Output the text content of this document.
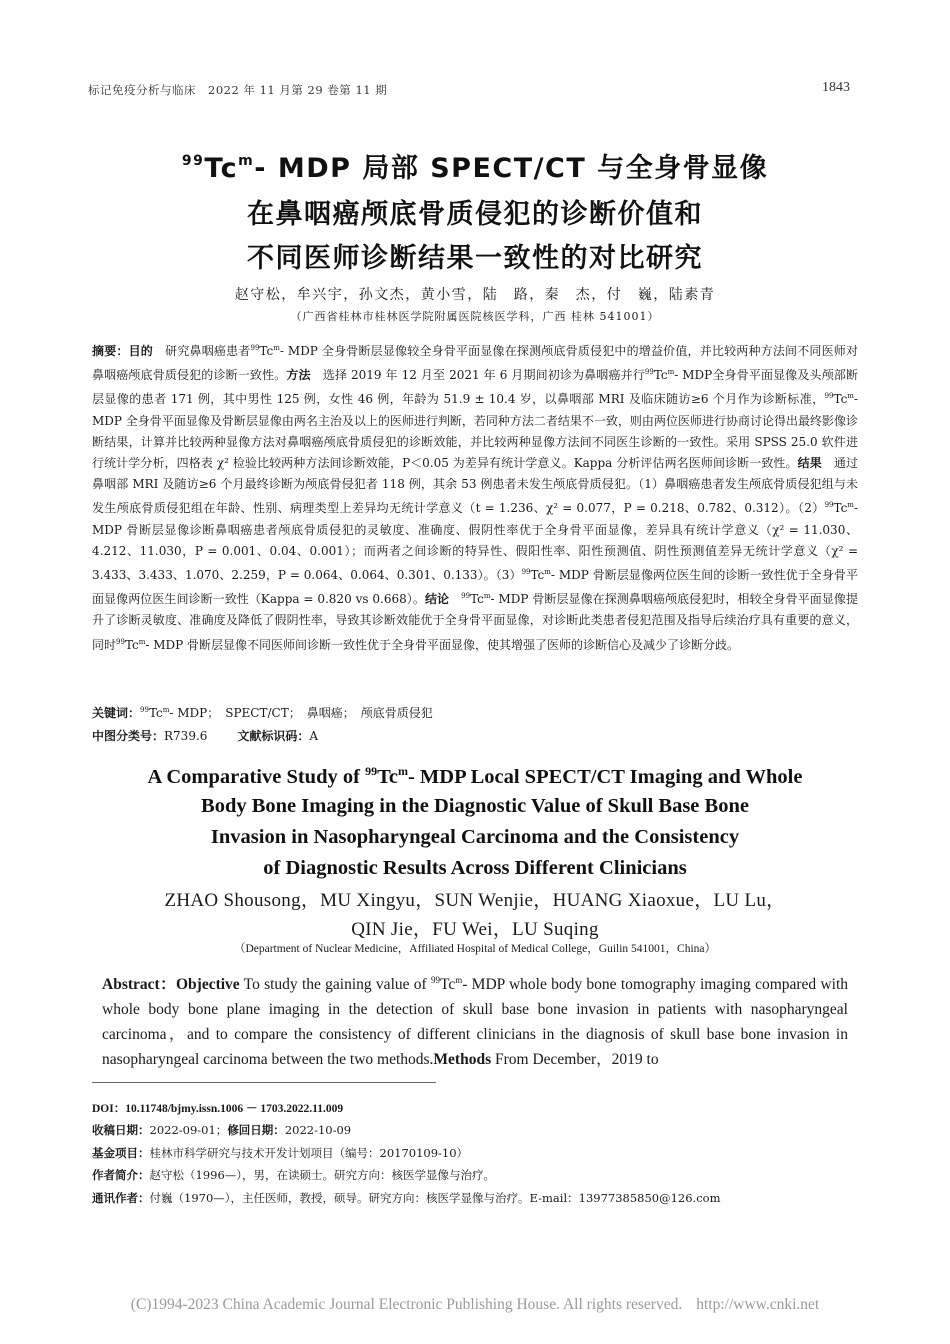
标记免疫分析与临床　2022 年 11 月第 29 卷第 11 期	1843
$^{99}$Tc$^m$- MDP 局部 SPECT/CT 与全身骨显像
在鼻咽癌颅底骨质侵犯的诊断价值和
不同医师诊断结果一致性的对比研究
赵守松，牟兴宇，孙文杰，黄小雪，陆　路，秦　杰，付　巍，陆素青
（广西省桂林市桂林医学院附属医院核医学科，广西 桂林 541001）
摘要：目的　研究鼻咽癌患者$^{99}$Tc$^m$- MDP 全身骨断层显像较全身骨平面显像在探测颅底骨质侵犯中的增益价值，并比较两种方法间不同医师对鼻咽癌颅底骨质侵犯的诊断一致性。方法　选择 2019 年 12 月至 2021 年 6 月期间初诊为鼻咽癌并行$^{99}$Tc$^m$- MDP全身骨平面显像及头颅部断层显像的患者 171 例，其中男性 125 例，女性 46 例，年龄为 51.9 ± 10.4 岁，以鼻咽部 MRI 及临床随访≥6 个月作为诊断标准，$^{99}$Tc$^m$- MDP 全身骨平面显像及骨断层显像由两名主治及以上的医师进行判断，若同种方法二者结果不一致，则由两位医师进行协商讨论得出最终影像诊断结果，计算并比较两种显像方法对鼻咽癌颅底骨质侵犯的诊断效能，并比较两种显像方法间不同医生诊断的一致性。采用 SPSS 25.0 软件进行统计学分析，四格表 χ² 检验比较两种方法间诊断效能，P＜0.05 为差异有统计学意义。Kappa 分析评估两名医师间诊断一致性。结果　通过鼻咽部 MRI 及随访≥6 个月最终诊断为颅底骨侵犯者 118 例，其余 53 例患者未发生颅底骨质侵犯。（1）鼻咽癌患者发生颅底骨质侵犯组与未发生颅底骨质侵犯组在年龄、性别、病理类型上差异均无统计学意义（t = 1.236、χ² = 0.077，P = 0.218、0.782、0.312）。$(2)^{99}Tc^m-$ MDP 骨断层显像诊断鼻咽癌患者颅底骨质侵犯的灵敏度、准确度、假阴性率优于全身骨平面显像，差异具有统计学意义（χ² = 11.030、4.212、11.030，P = 0.001、0.04、0.001）；而两者之间诊断的特异性、假阳性率、阳性预测值、阴性预测值差异无统计学意义（χ² = 3.433、3.433、1.070、2.259，P = 0.064、0.064、0.301、0.133）。$(3)^{99}Tc^m-$ MDP 骨断层显像两位医生间的诊断一致性优于全身骨平面显像两位医生间诊断一致性（Kappa = 0.820 vs 0.668）。结论　 $^{99}$Tc$^m$- MDP 骨断层显像在探测鼻咽癌颅底侵犯时，相较全身骨平面显像提升了诊断灵敏度、准确度及降低了假阴性率，导致其诊断效能优于全身骨平面显像，对诊断此类患者侵犯范围及指导后续治疗具有重要的意义，同时$^{99}$Tc$^m$- MDP 骨断层显像不同医师间诊断一致性优于全身骨平面显像，使其增强了医师的诊断信心及减少了诊断分歧。
关键词：$^{99}$Tc$^m$- MDP；　SPECT/CT；　鼻咽癌；　颅底骨质侵犯
中图分类号：R739.6	文献标识码：A
A Comparative Study of $^{99}$Tc$^m$- MDP Local SPECT/CT Imaging and Whole
Body Bone Imaging in the Diagnostic Value of Skull Base Bone
Invasion in Nasopharyngeal Carcinoma and the Consistency
of Diagnostic Results Across Different Clinicians
ZHAO Shousong，MU Xingyu，SUN Wenjie，HUANG Xiaoxue，LU Lu，
QIN Jie，FU Wei，LU Suqing
（Department of Nuclear Medicine，Affiliated Hospital of Medical College，Guilin 541001，China）
Abstract：Objective To study the gaining value of $^{99}$Tc$^m$- MDP whole body bone tomography imaging compared with whole body bone plane imaging in the detection of skull base bone invasion in patients with nasopharyngeal carcinoma，and to compare the consistency of different clinicians in the diagnosis of skull base bone invasion in nasopharyngeal carcinoma between the two methods.Methods From December，2019 to
DOI：10.11748/bjmy.issn.1006 － 1703.2022.11.009
收稿日期：2022-09-01；修回日期：2022-10-09
基金项目：桂林市科学研究与技术开发计划项目（编号：20170109-10）
作者简介：赵守松（1996—），男，在读硕士。研究方向：核医学显像与治疗。
通讯作者：付巍（1970—），主任医师，教授，硕导。研究方向：核医学显像与治疗。E-mail：13977385850@126.com
(C)1994-2023 China Academic Journal Electronic Publishing House. All rights reserved. http://www.cnki.net
